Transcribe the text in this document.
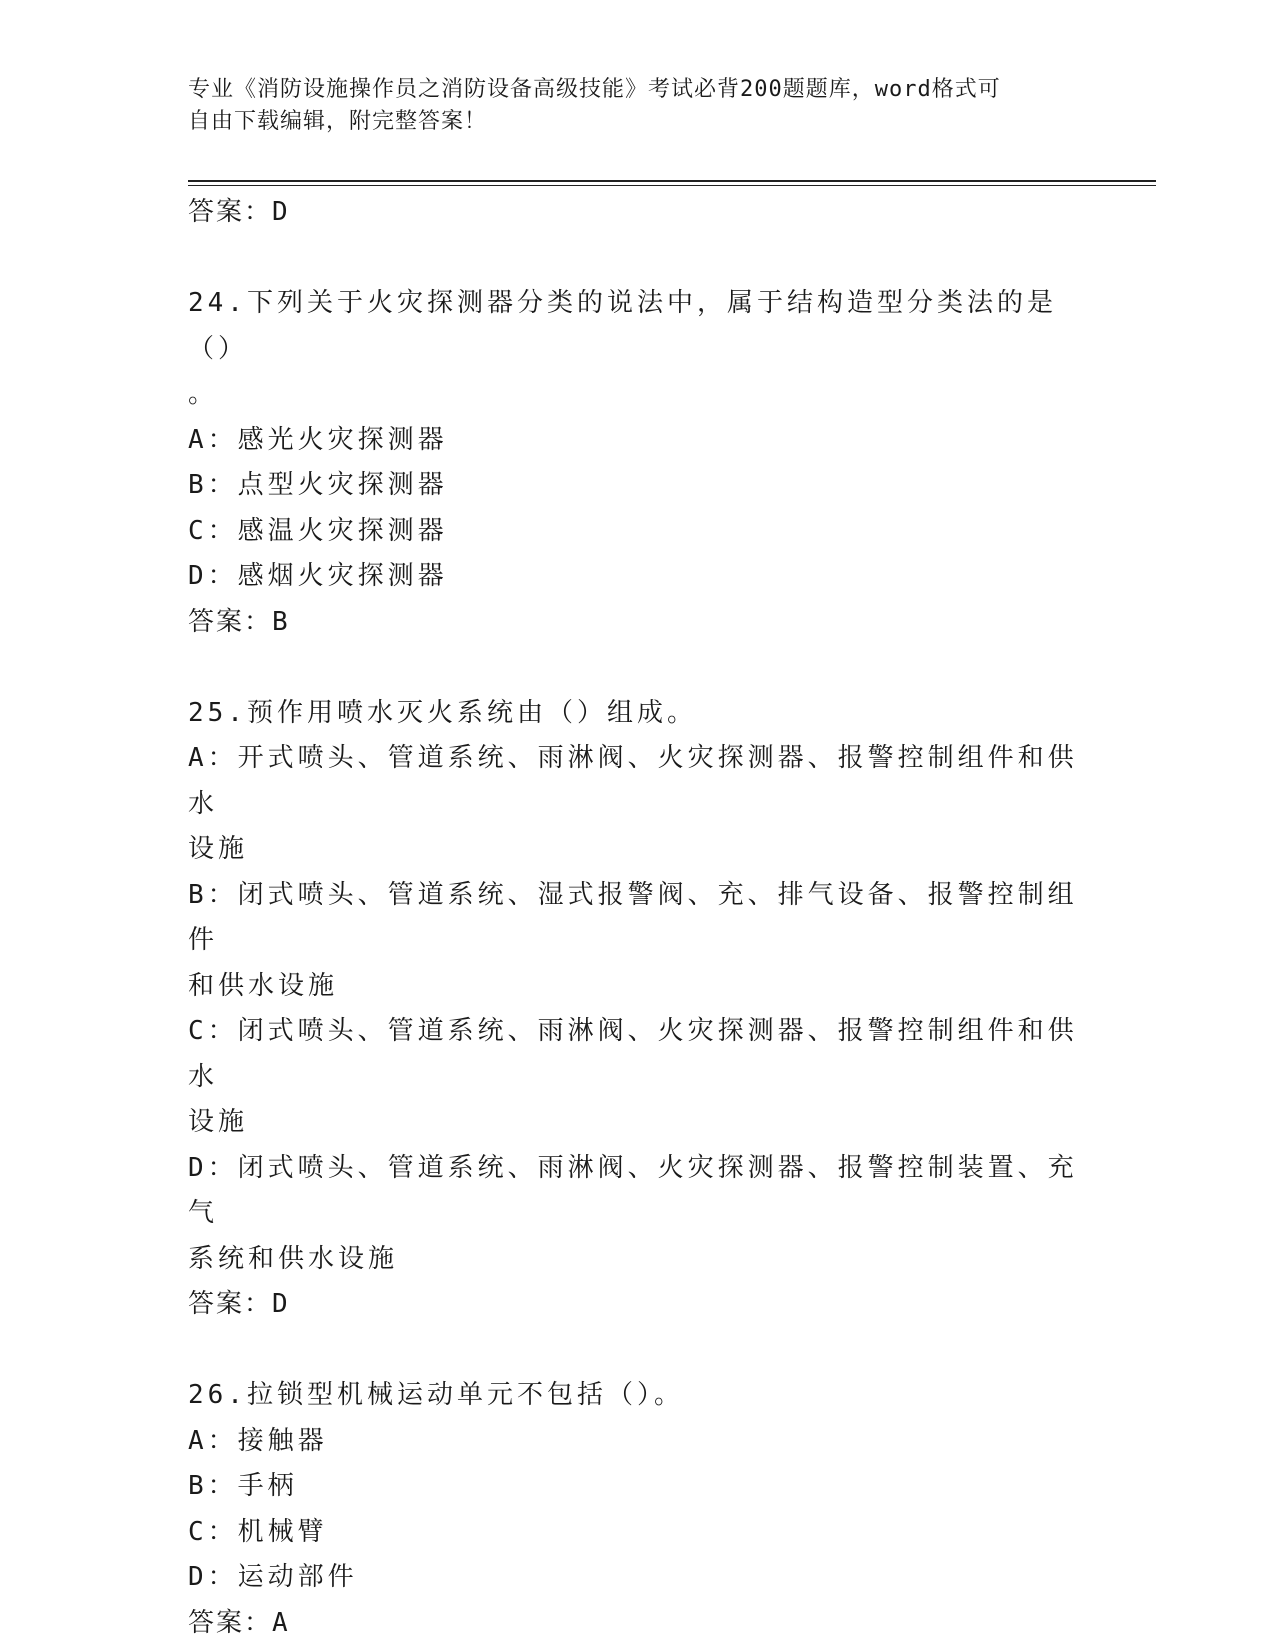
专业《消防设施操作员之消防设备高级技能》考试必背200题题库，word格式可
自由下载编辑，附完整答案！
答案：D
24.下列关于火灾探测器分类的说法中，属于结构造型分类法的是（）
。
A：感光火灾探测器
B：点型火灾探测器
C：感温火灾探测器
D：感烟火灾探测器
答案：B
25.预作用喷水灭火系统由（）组成。
A：开式喷头、管道系统、雨淋阀、火灾探测器、报警控制组件和供水
设施
B：闭式喷头、管道系统、湿式报警阀、充、排气设备、报警控制组件
和供水设施
C：闭式喷头、管道系统、雨淋阀、火灾探测器、报警控制组件和供水
设施
D：闭式喷头、管道系统、雨淋阀、火灾探测器、报警控制装置、充气
系统和供水设施
答案：D
26.拉锁型机械运动单元不包括（）。
A：接触器
B：手柄
C：机械臂
D：运动部件
答案：A
